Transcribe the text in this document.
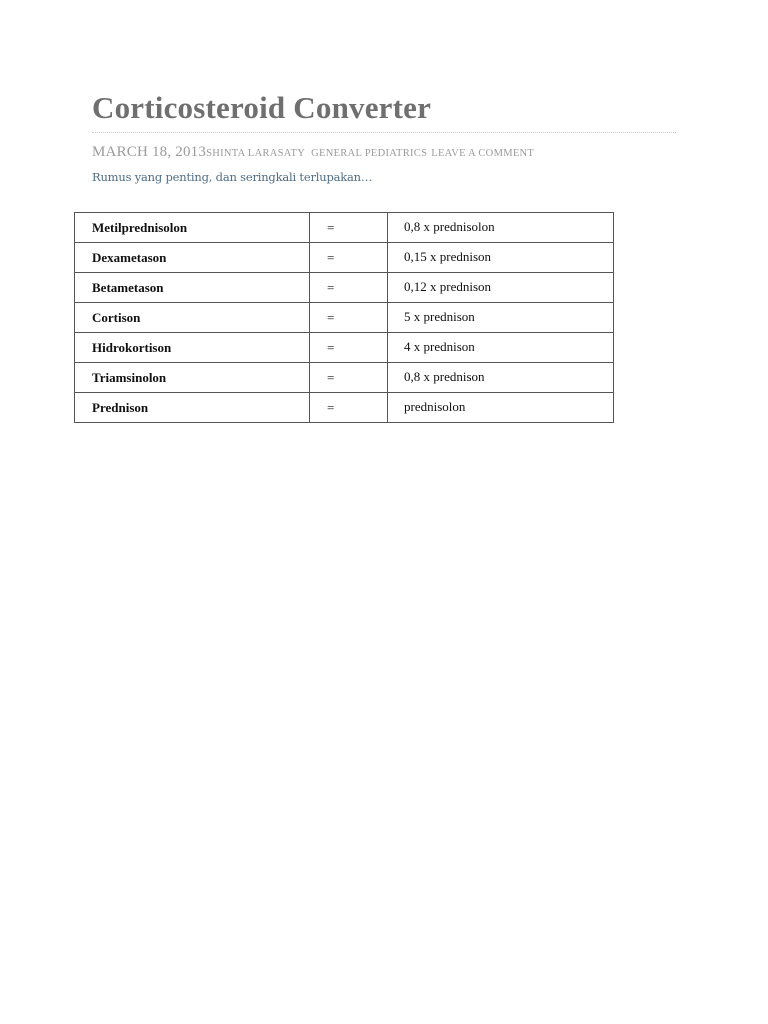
Corticosteroid Converter
MARCH 18, 2013SHINTA LARASATY GENERAL PEDIATRICS LEAVE A COMMENT

Rumus yang penting, dan seringkali terlupakan…

Metilprednisolon	=	0,8 x prednisolon
Dexametason	=	0,15 x prednison
Betametason	=	0,12 x prednison
Cortison	=	5 x prednison
Hidrokortison	=	4 x prednison
Triamsinolon	=	0,8 x prednison
Prednison	=	prednisolon
